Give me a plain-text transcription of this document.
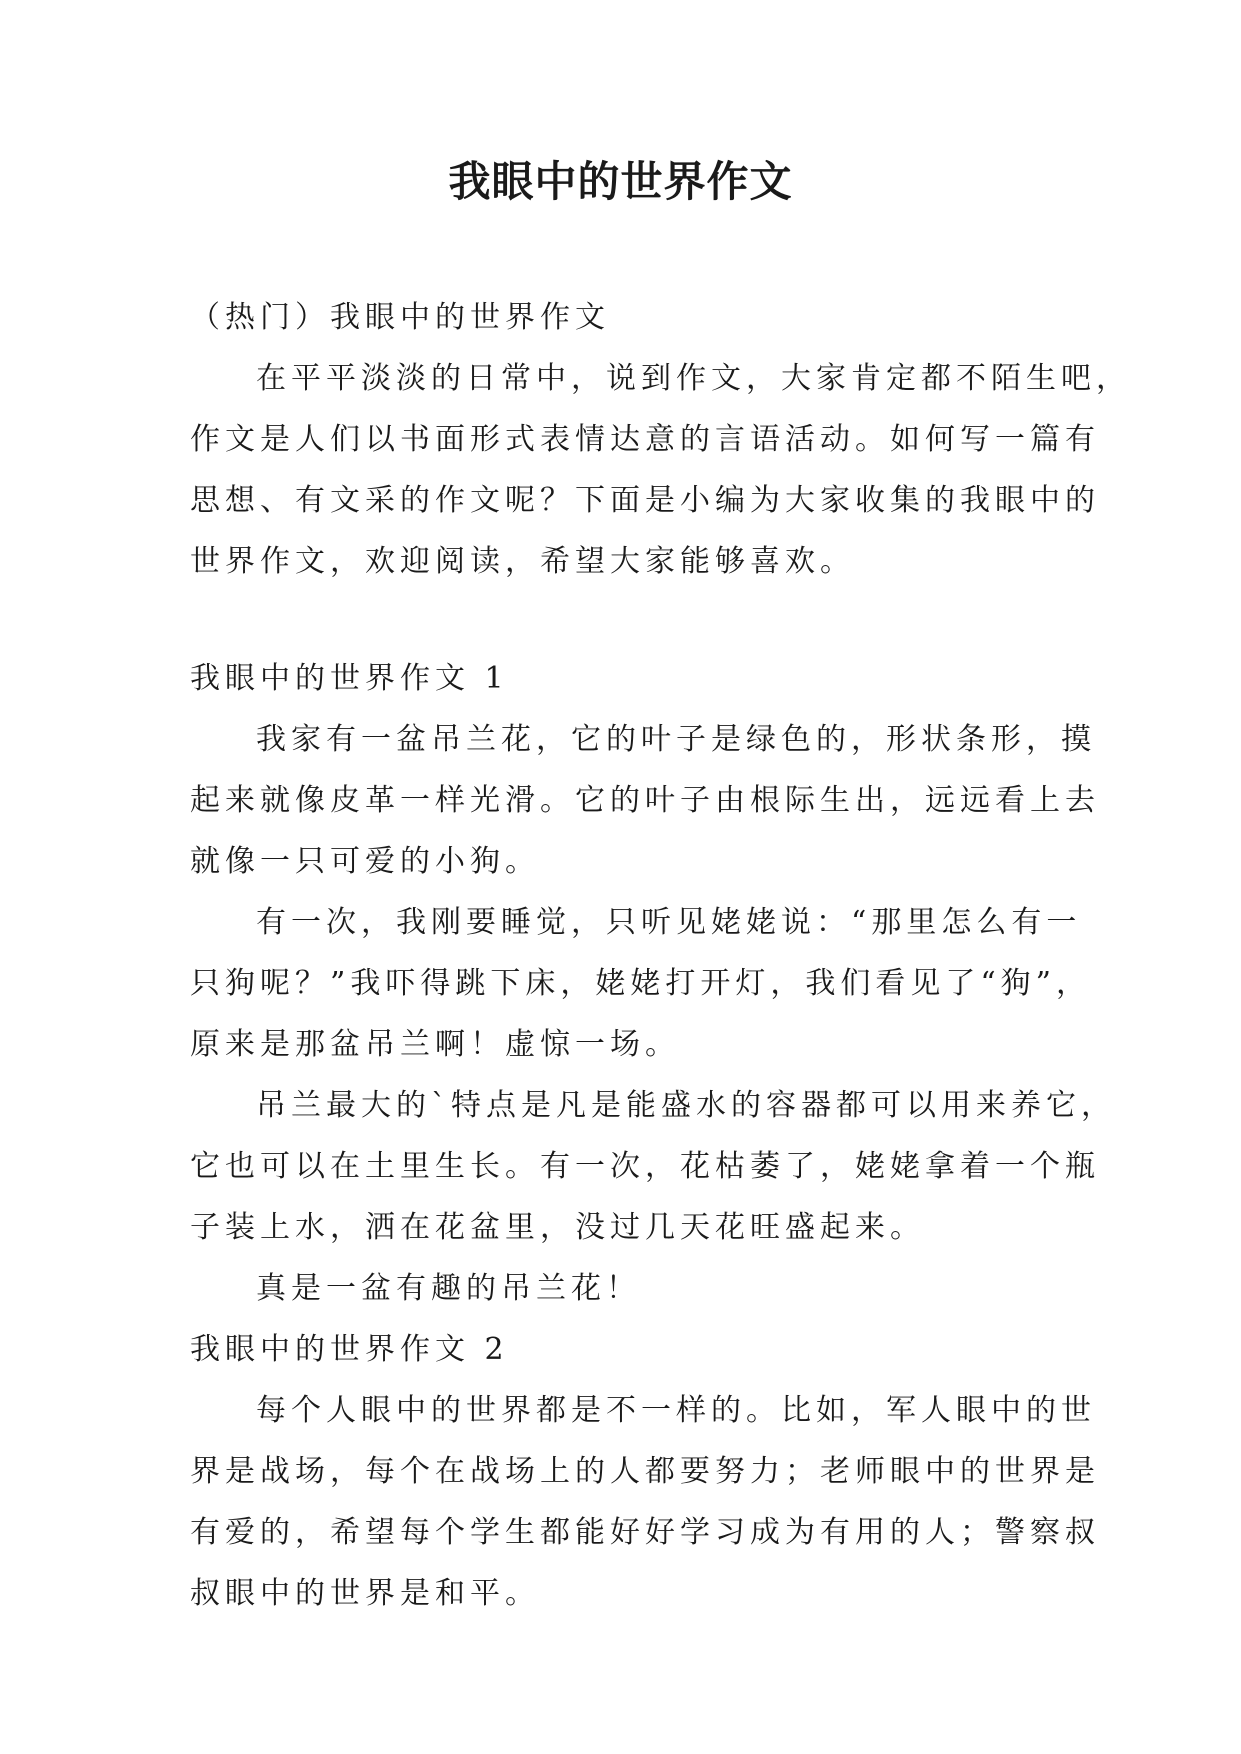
我眼中的世界作文
（热门）我眼中的世界作文
在平平淡淡的日常中，说到作文，大家肯定都不陌生吧，
作文是人们以书面形式表情达意的言语活动。如何写一篇有
思想、有文采的作文呢？下面是小编为大家收集的我眼中的
世界作文，欢迎阅读，希望大家能够喜欢。
我眼中的世界作文 1
我家有一盆吊兰花，它的叶子是绿色的，形状条形，摸
起来就像皮革一样光滑。它的叶子由根际生出，远远看上去
就像一只可爱的小狗。
有一次，我刚要睡觉，只听见姥姥说：“那里怎么有一
只狗呢？”我吓得跳下床，姥姥打开灯，我们看见了“狗”，
原来是那盆吊兰啊！虚惊一场。
吊兰最大的`特点是凡是能盛水的容器都可以用来养它，
它也可以在土里生长。有一次，花枯萎了，姥姥拿着一个瓶
子装上水，洒在花盆里，没过几天花旺盛起来。
真是一盆有趣的吊兰花！
我眼中的世界作文 2
每个人眼中的世界都是不一样的。比如，军人眼中的世
界是战场，每个在战场上的人都要努力；老师眼中的世界是
有爱的，希望每个学生都能好好学习成为有用的人；警察叔
叔眼中的世界是和平。
